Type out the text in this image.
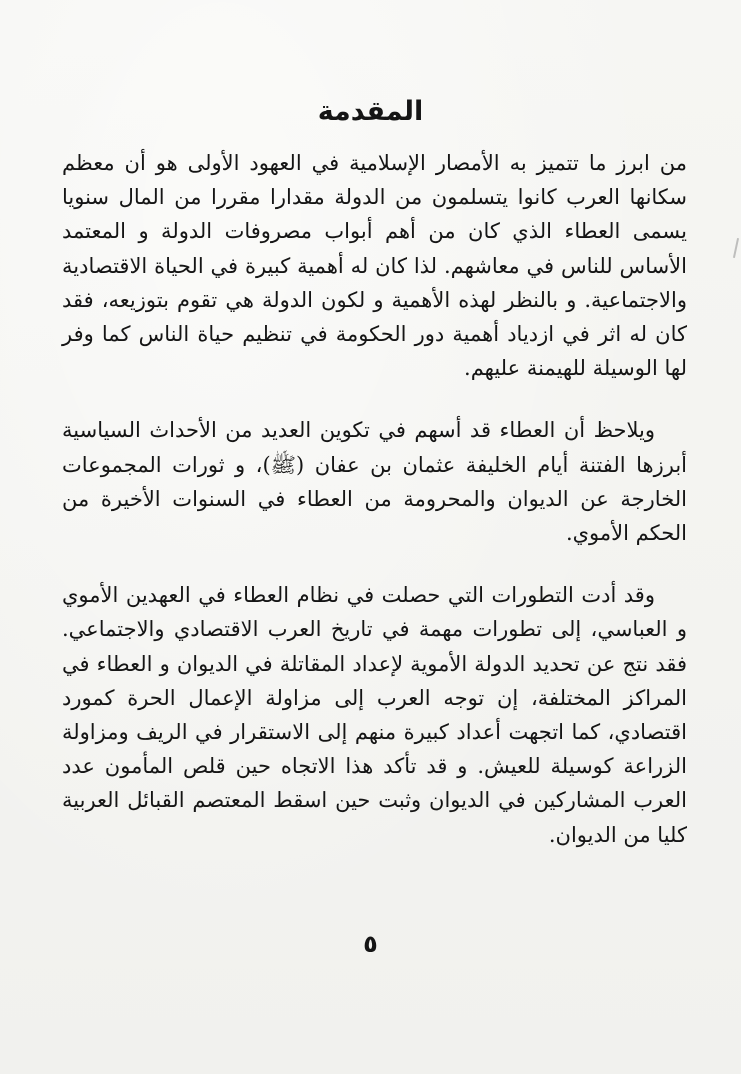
المقدمة

من ابرز ما تتميز به الأمصار الإسلامية في العهود الأولى هو أن معظم سكانها العرب كانوا يتسلمون من الدولة مقدارا مقررا من المال سنويا يسمى العطاء الذي كان من أهم أبواب مصروفات الدولة و المعتمد الأساس للناس في معاشهم. لذا كان له أهمية كبيرة في الحياة الاقتصادية والاجتماعية. و بالنظر لهذه الأهمية و لكون الدولة هي تقوم بتوزيعه، فقد كان له اثر في ازدياد أهمية دور الحكومة في تنظيم حياة الناس كما وفر لها الوسيلة للهيمنة عليهم.

ويلاحظ أن العطاء قد أسهم في تكوين العديد من الأحداث السياسية أبرزها الفتنة أيام الخليفة عثمان بن عفان (ﷺ)، و ثورات المجموعات الخارجة عن الديوان والمحرومة من العطاء في السنوات الأخيرة من الحكم الأموي.

وقد أدت التطورات التي حصلت في نظام العطاء في العهدين الأموي و العباسي، إلى تطورات مهمة في تاريخ العرب الاقتصادي والاجتماعي. فقد نتج عن تحديد الدولة الأموية لإعداد المقاتلة في الديوان و العطاء في المراكز المختلفة، إن توجه العرب إلى مزاولة الإعمال الحرة كمورد اقتصادي، كما اتجهت أعداد كبيرة منهم إلى الاستقرار في الريف ومزاولة الزراعة كوسيلة للعيش. و قد تأكد هذا الاتجاه حين قلص المأمون عدد العرب المشاركين في الديوان وثبت حين اسقط المعتصم القبائل العربية كليا من الديوان.

٥
